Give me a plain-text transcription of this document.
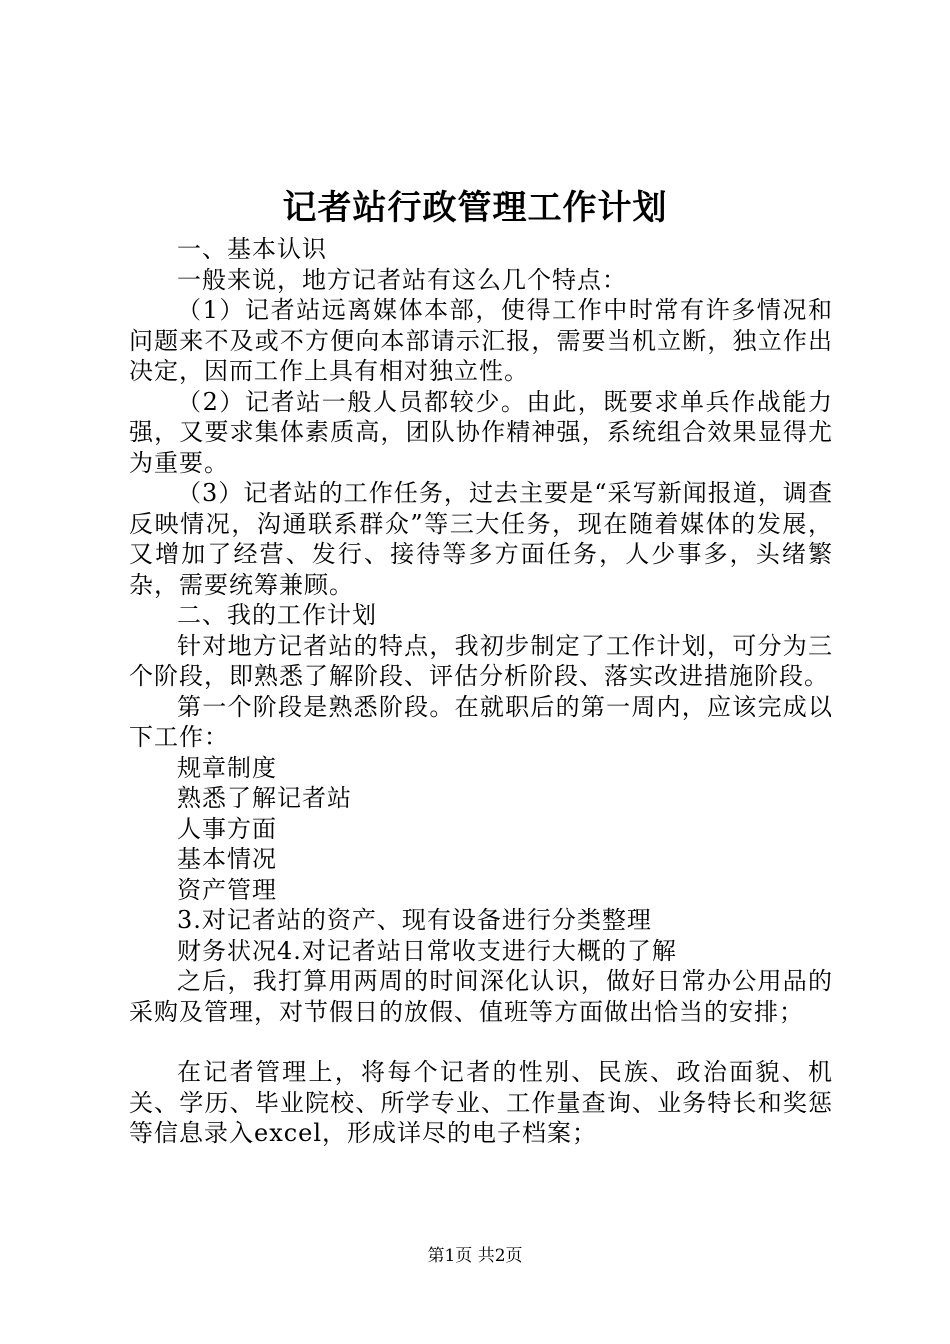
记者站行政管理工作计划

一、基本认识

一般来说，地方记者站有这么几个特点：

（1）记者站远离媒体本部，使得工作中时常有许多情况和问题来不及或不方便向本部请示汇报，需要当机立断，独立作出决定，因而工作上具有相对独立性。

（2）记者站一般人员都较少。由此，既要求单兵作战能力强，又要求集体素质高，团队协作精神强，系统组合效果显得尤为重要。

（3）记者站的工作任务，过去主要是“采写新闻报道，调查反映情况，沟通联系群众”等三大任务，现在随着媒体的发展，又增加了经营、发行、接待等多方面任务，人少事多，头绪繁杂，需要统筹兼顾。

二、我的工作计划

针对地方记者站的特点，我初步制定了工作计划，可分为三个阶段，即熟悉了解阶段、评估分析阶段、落实改进措施阶段。

第一个阶段是熟悉阶段。在就职后的第一周内，应该完成以下工作：

规章制度

熟悉了解记者站

人事方面

基本情况

资产管理

3.对记者站的资产、现有设备进行分类整理

财务状况4.对记者站日常收支进行大概的了解

之后，我打算用两周的时间深化认识，做好日常办公用品的采购及管理，对节假日的放假、值班等方面做出恰当的安排；

在记者管理上，将每个记者的性别、民族、政治面貌、机关、学历、毕业院校、所学专业、工作量查询、业务特长和奖惩等信息录入excel，形成详尽的电子档案；

第1页 共2页
